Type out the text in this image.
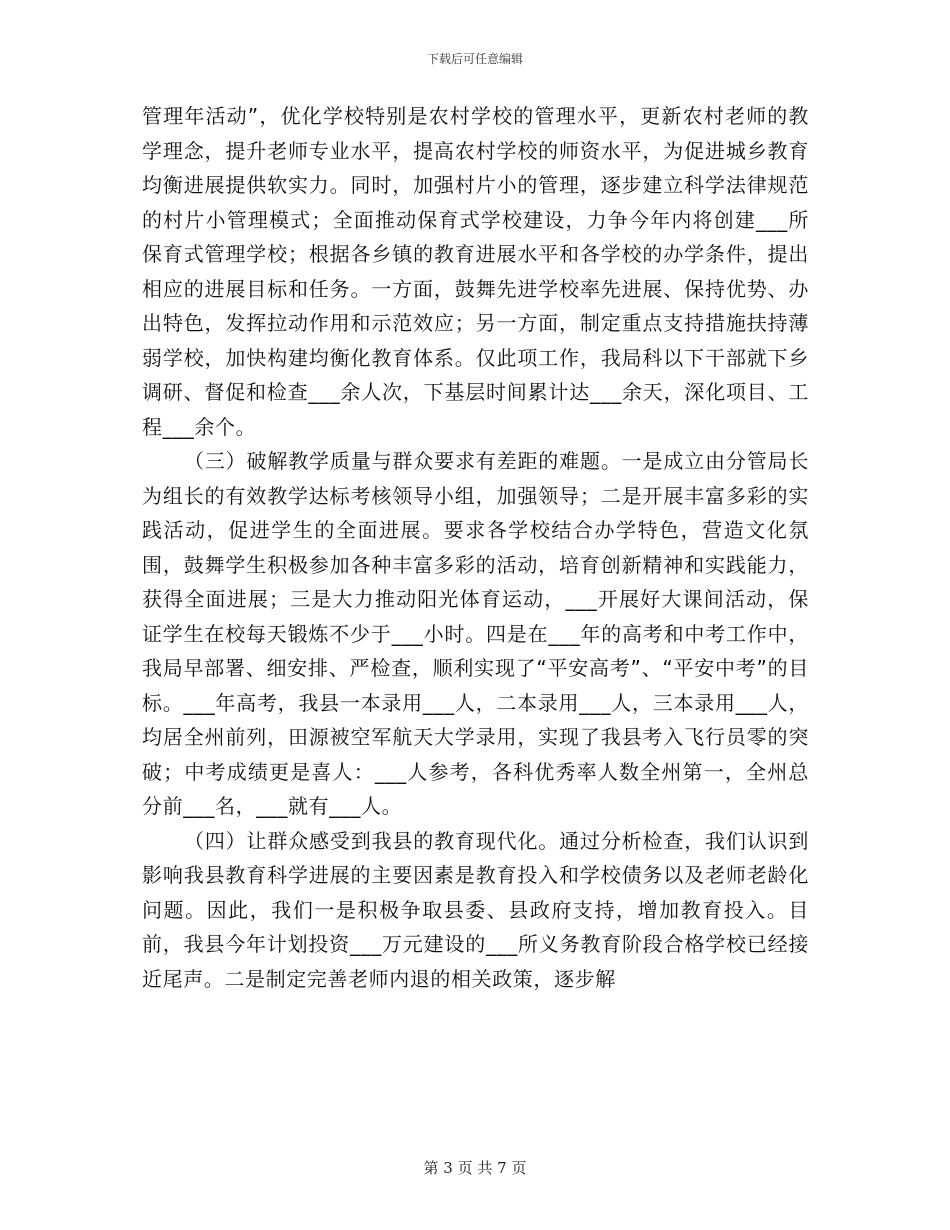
下载后可任意编辑

管理年活动”，优化学校特别是农村学校的管理水平，更新农村老师的教学理念，提升老师专业水平，提高农村学校的师资水平，为促进城乡教育均衡进展提供软实力。同时，加强村片小的管理，逐步建立科学法律规范的村片小管理模式；全面推动保育式学校建设，力争今年内将创建___所保育式管理学校；根据各乡镇的教育进展水平和各学校的办学条件，提出相应的进展目标和任务。一方面，鼓舞先进学校率先进展、保持优势、办出特色，发挥拉动作用和示范效应；另一方面，制定重点支持措施扶持薄弱学校，加快构建均衡化教育体系。仅此项工作，我局科以下干部就下乡调研、督促和检查___余人次，下基层时间累计达___余天，深化项目、工程___余个。

（三）破解教学质量与群众要求有差距的难题。一是成立由分管局长为组长的有效教学达标考核领导小组，加强领导；二是开展丰富多彩的实践活动，促进学生的全面进展。要求各学校结合办学特色，营造文化氛围，鼓舞学生积极参加各种丰富多彩的活动，培育创新精神和实践能力，获得全面进展；三是大力推动阳光体育运动，___开展好大课间活动，保证学生在校每天锻炼不少于___小时。四是在___年的高考和中考工作中，我局早部署、细安排、严检查，顺利实现了“平安高考”、“平安中考”的目标。___年高考，我县一本录用___人，二本录用___人，三本录用___人，均居全州前列，田源被空军航天大学录用，实现了我县考入飞行员零的突破；中考成绩更是喜人：___人参考，各科优秀率人数全州第一，全州总分前___名，___就有___人。

（四）让群众感受到我县的教育现代化。通过分析检查，我们认识到影响我县教育科学进展的主要因素是教育投入和学校债务以及老师老龄化问题。因此，我们一是积极争取县委、县政府支持，增加教育投入。目前，我县今年计划投资___万元建设的___所义务教育阶段合格学校已经接近尾声。二是制定完善老师内退的相关政策，逐步解

第 3 页 共 7 页
